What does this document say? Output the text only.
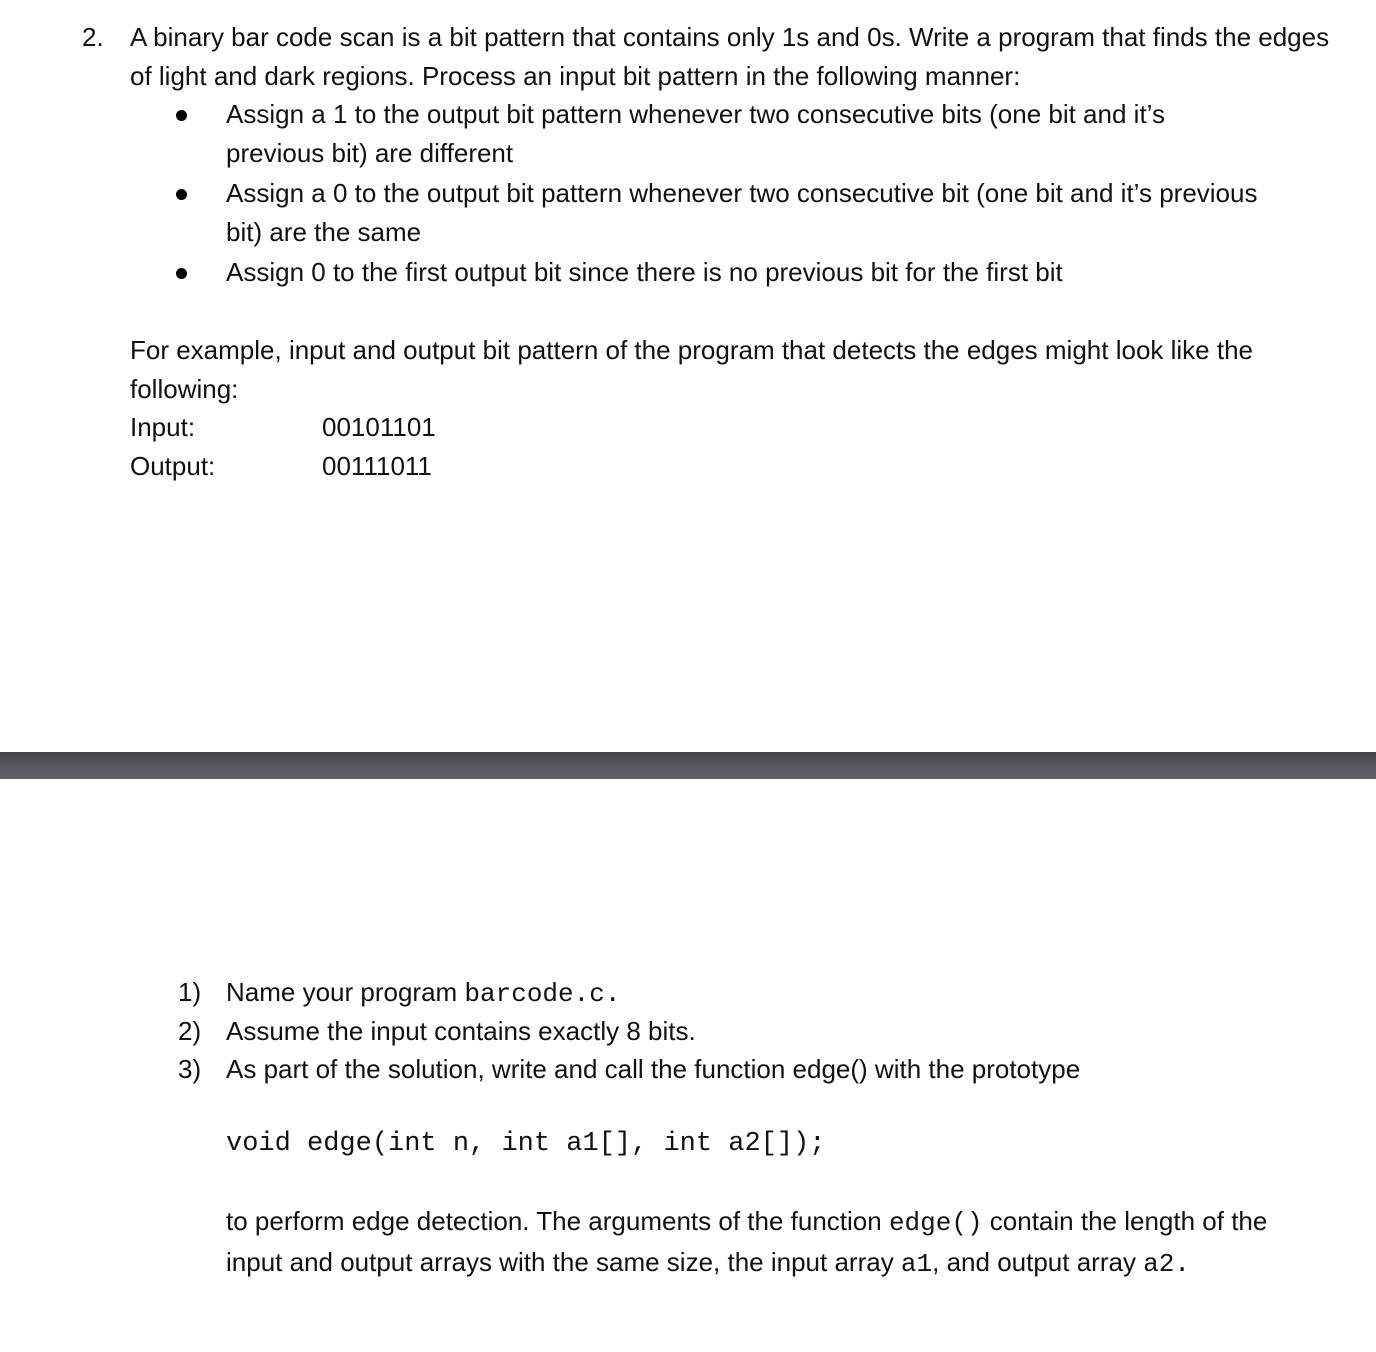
2. A binary bar code scan is a bit pattern that contains only 1s and 0s. Write a program that finds the edges of light and dark regions. Process an input bit pattern in the following manner:
Assign a 1 to the output bit pattern whenever two consecutive bits (one bit and it’s previous bit) are different
Assign a 0 to the output bit pattern whenever two consecutive bit (one bit and it’s previous bit) are the same
Assign 0 to the first output bit since there is no previous bit for the first bit
For example, input and output bit pattern of the program that detects the edges might look like the following:
Input:	00101101
Output:	00111011
1) Name your program barcode.c.
2) Assume the input contains exactly 8 bits.
3) As part of the solution, write and call the function edge() with the prototype
void edge(int n, int a1[], int a2[]);
to perform edge detection. The arguments of the function edge() contain the length of the input and output arrays with the same size, the input array a1, and output array a2.
